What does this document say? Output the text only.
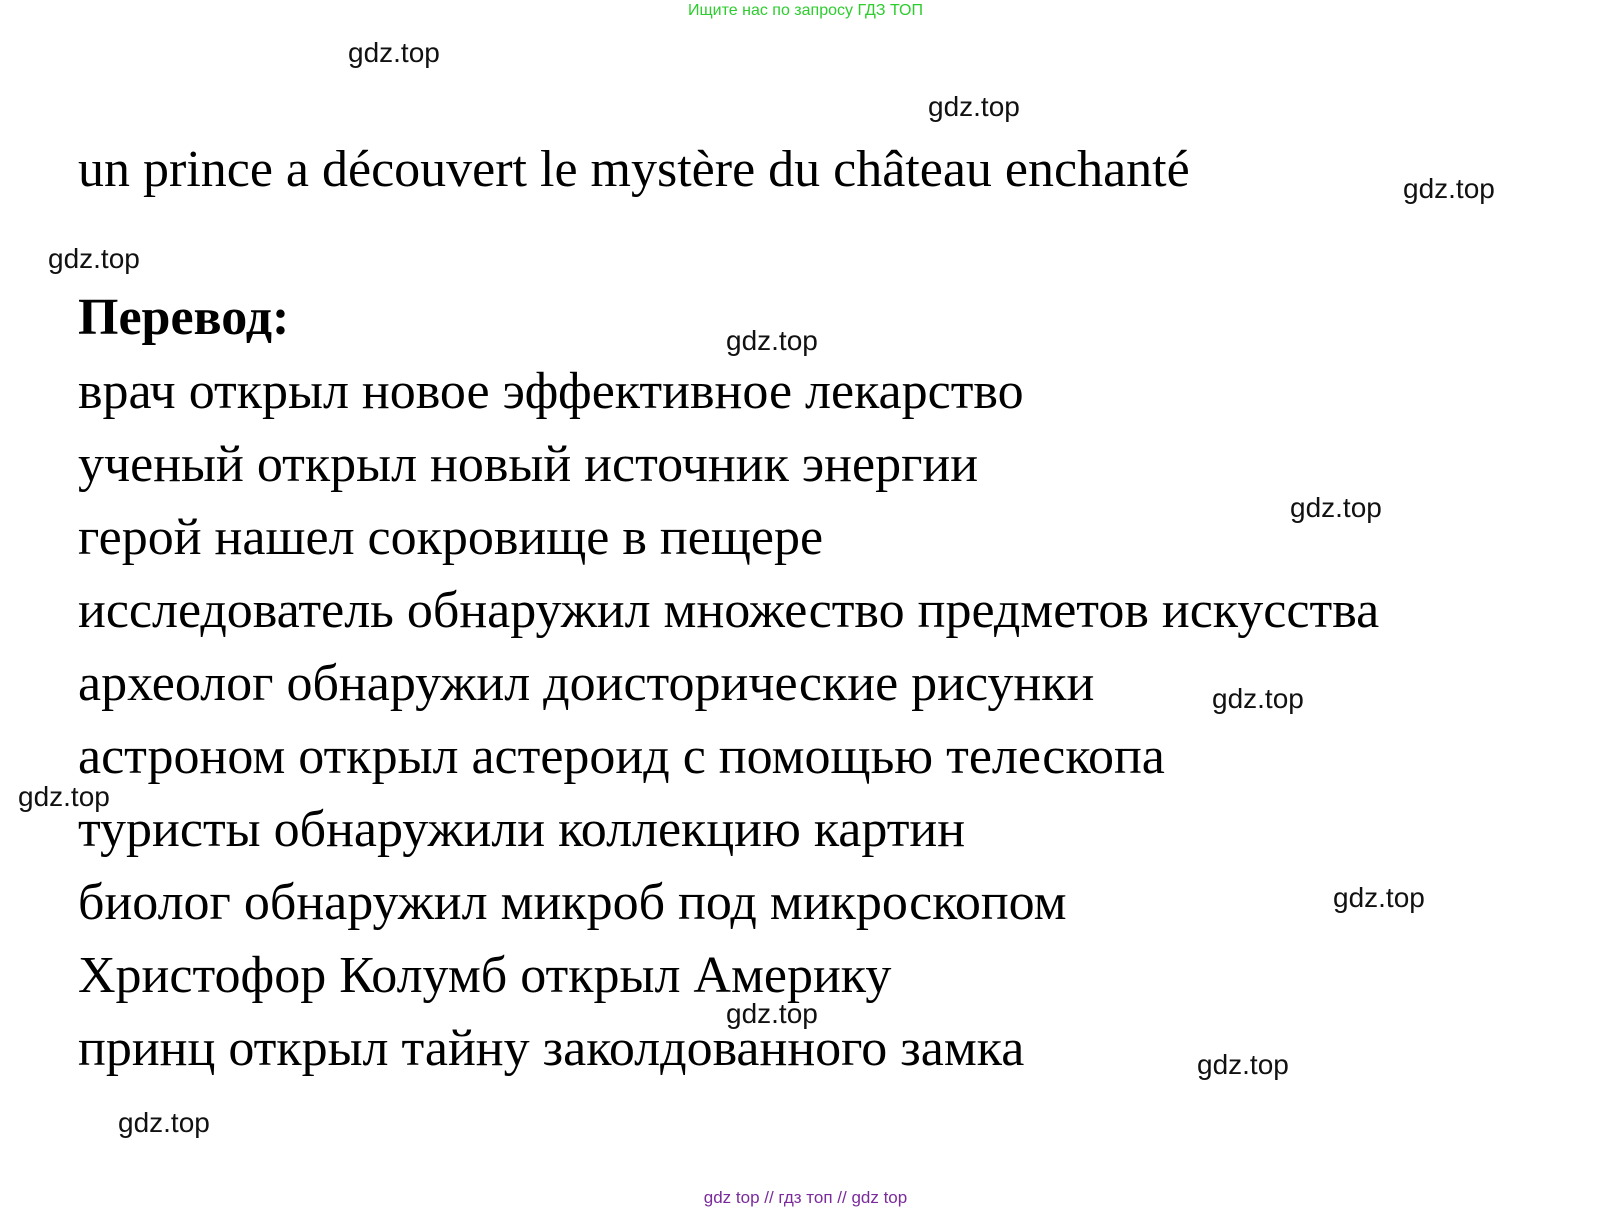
Ищите нас по запросу ГДЗ ТОП
un prince a découvert le mystère du château enchanté
Перевод:
врач открыл новое эффективное лекарство
ученый открыл новый источник энергии
герой нашел сокровище в пещере
исследователь обнаружил множество предметов искусства
археолог обнаружил доисторические рисунки
астроном открыл астероид с помощью телескопа
туристы обнаружили коллекцию картин
биолог обнаружил микроб под микроскопом
Христофор Колумб открыл Америку
принц открыл тайну заколдованного замка
gdz.top
gdz.top
gdz.top
gdz.top
gdz.top
gdz.top
gdz.top
gdz.top
gdz.top
gdz.top
gdz.top
gdz.top
gdz top // гдз топ // gdz top
